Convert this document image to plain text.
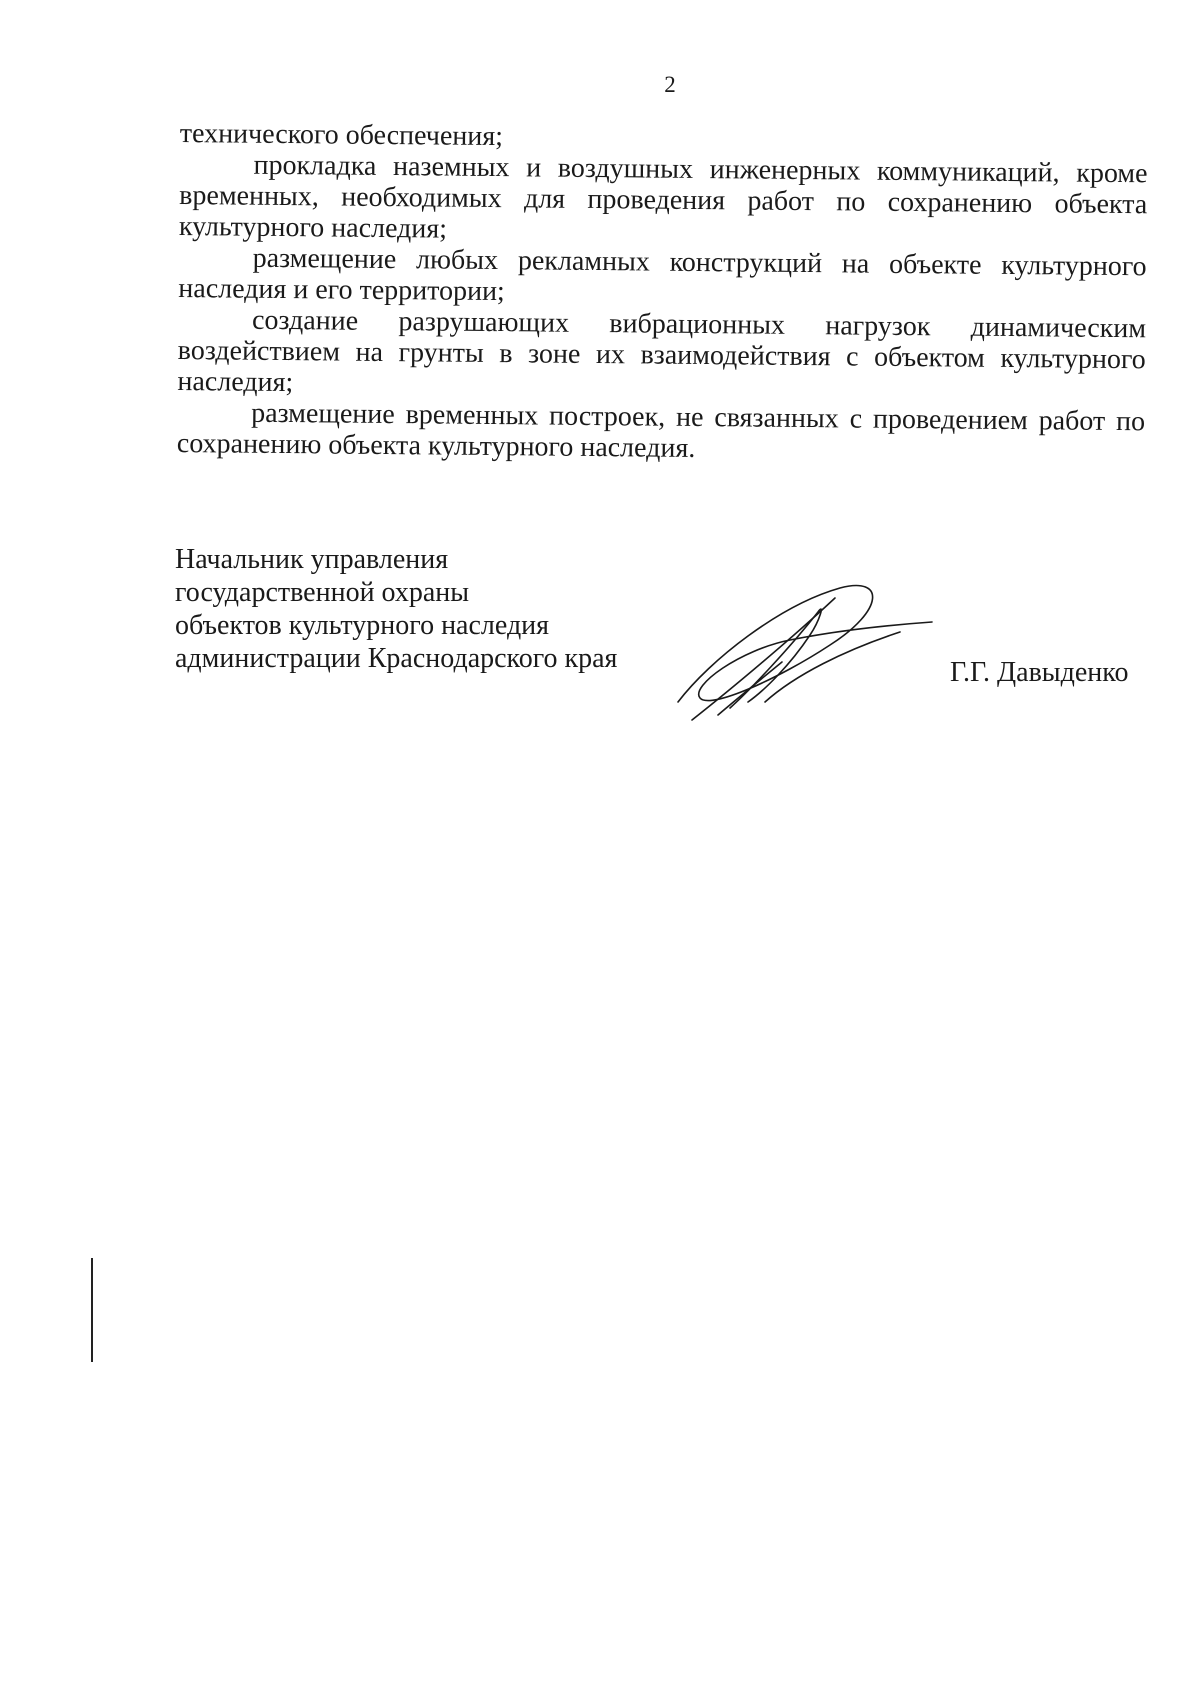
2

технического обеспечения;

прокладка наземных и воздушных инженерных коммуникаций, кроме временных, необходимых для проведения работ по сохранению объекта культурного наследия;

размещение любых рекламных конструкций на объекте культурного наследия и его территории;

создание разрушающих вибрационных нагрузок динамическим воздействием на грунты в зоне их взаимодействия с объектом культурного наследия;

размещение временных построек, не связанных с проведением работ по сохранению объекта культурного наследия.

Начальник управления
государственной охраны
объектов культурного наследия
администрации Краснодарского края	Г.Г. Давыденко
